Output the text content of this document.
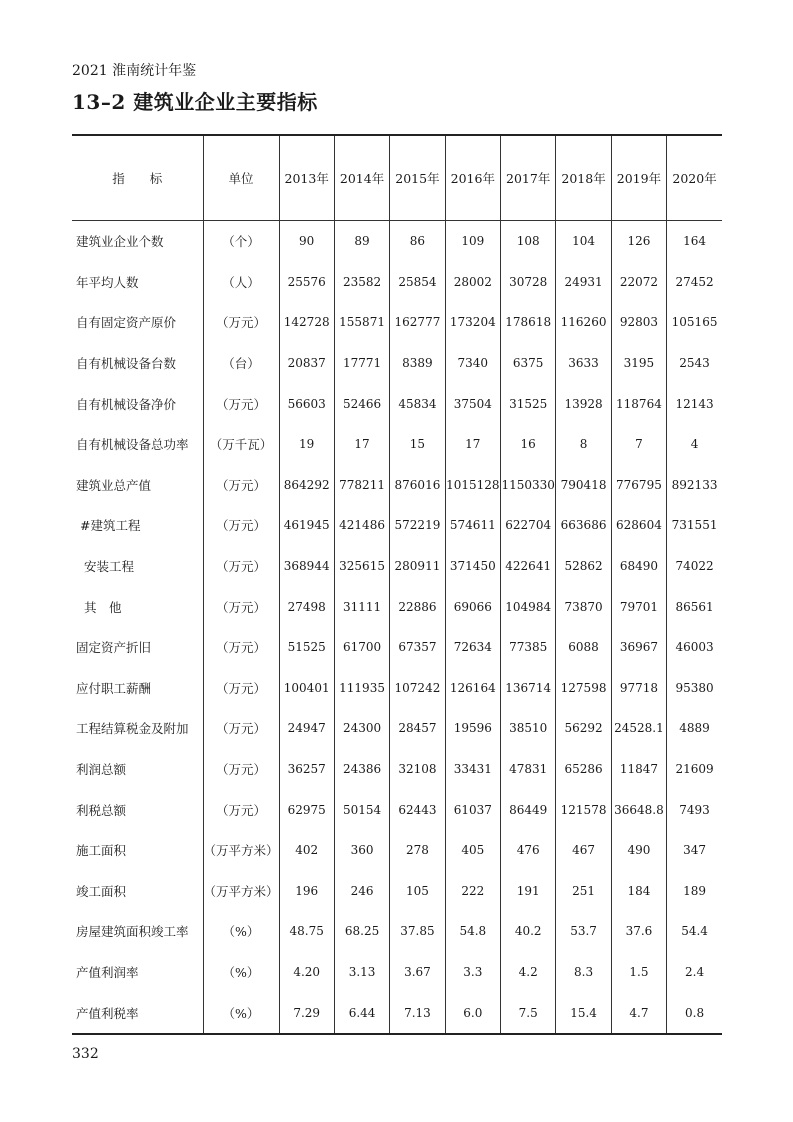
2021 淮南统计年鉴
13–2 建筑业企业主要指标
指　　标	单位	2013年	2014年	2015年	2016年	2017年	2018年	2019年	2020年
建筑业企业个数	（个）	90	89	86	109	108	104	126	164
年平均人数	（人）	25576	23582	25854	28002	30728	24931	22072	27452
自有固定资产原价	（万元）	142728	155871	162777	173204	178618	116260	92803	105165
自有机械设备台数	（台）	20837	17771	8389	7340	6375	3633	3195	2543
自有机械设备净价	（万元）	56603	52466	45834	37504	31525	13928	118764	12143
自有机械设备总功率	（万千瓦）	19	17	15	17	16	8	7	4
建筑业总产值	（万元）	864292	778211	876016	1015128	1150330	790418	776795	892133
#建筑工程	（万元）	461945	421486	572219	574611	622704	663686	628604	731551
安装工程	（万元）	368944	325615	280911	371450	422641	52862	68490	74022
其　他	（万元）	27498	31111	22886	69066	104984	73870	79701	86561
固定资产折旧	（万元）	51525	61700	67357	72634	77385	6088	36967	46003
应付职工薪酬	（万元）	100401	111935	107242	126164	136714	127598	97718	95380
工程结算税金及附加	（万元）	24947	24300	28457	19596	38510	56292	24528.1	4889
利润总额	（万元）	36257	24386	32108	33431	47831	65286	11847	21609
利税总额	（万元）	62975	50154	62443	61037	86449	121578	36648.8	7493
施工面积	（万平方米）	402	360	278	405	476	467	490	347
竣工面积	（万平方米）	196	246	105	222	191	251	184	189
房屋建筑面积竣工率	（%）	48.75	68.25	37.85	54.8	40.2	53.7	37.6	54.4
产值利润率	（%）	4.20	3.13	3.67	3.3	4.2	8.3	1.5	2.4
产值利税率	（%）	7.29	6.44	7.13	6.0	7.5	15.4	4.7	0.8
332
